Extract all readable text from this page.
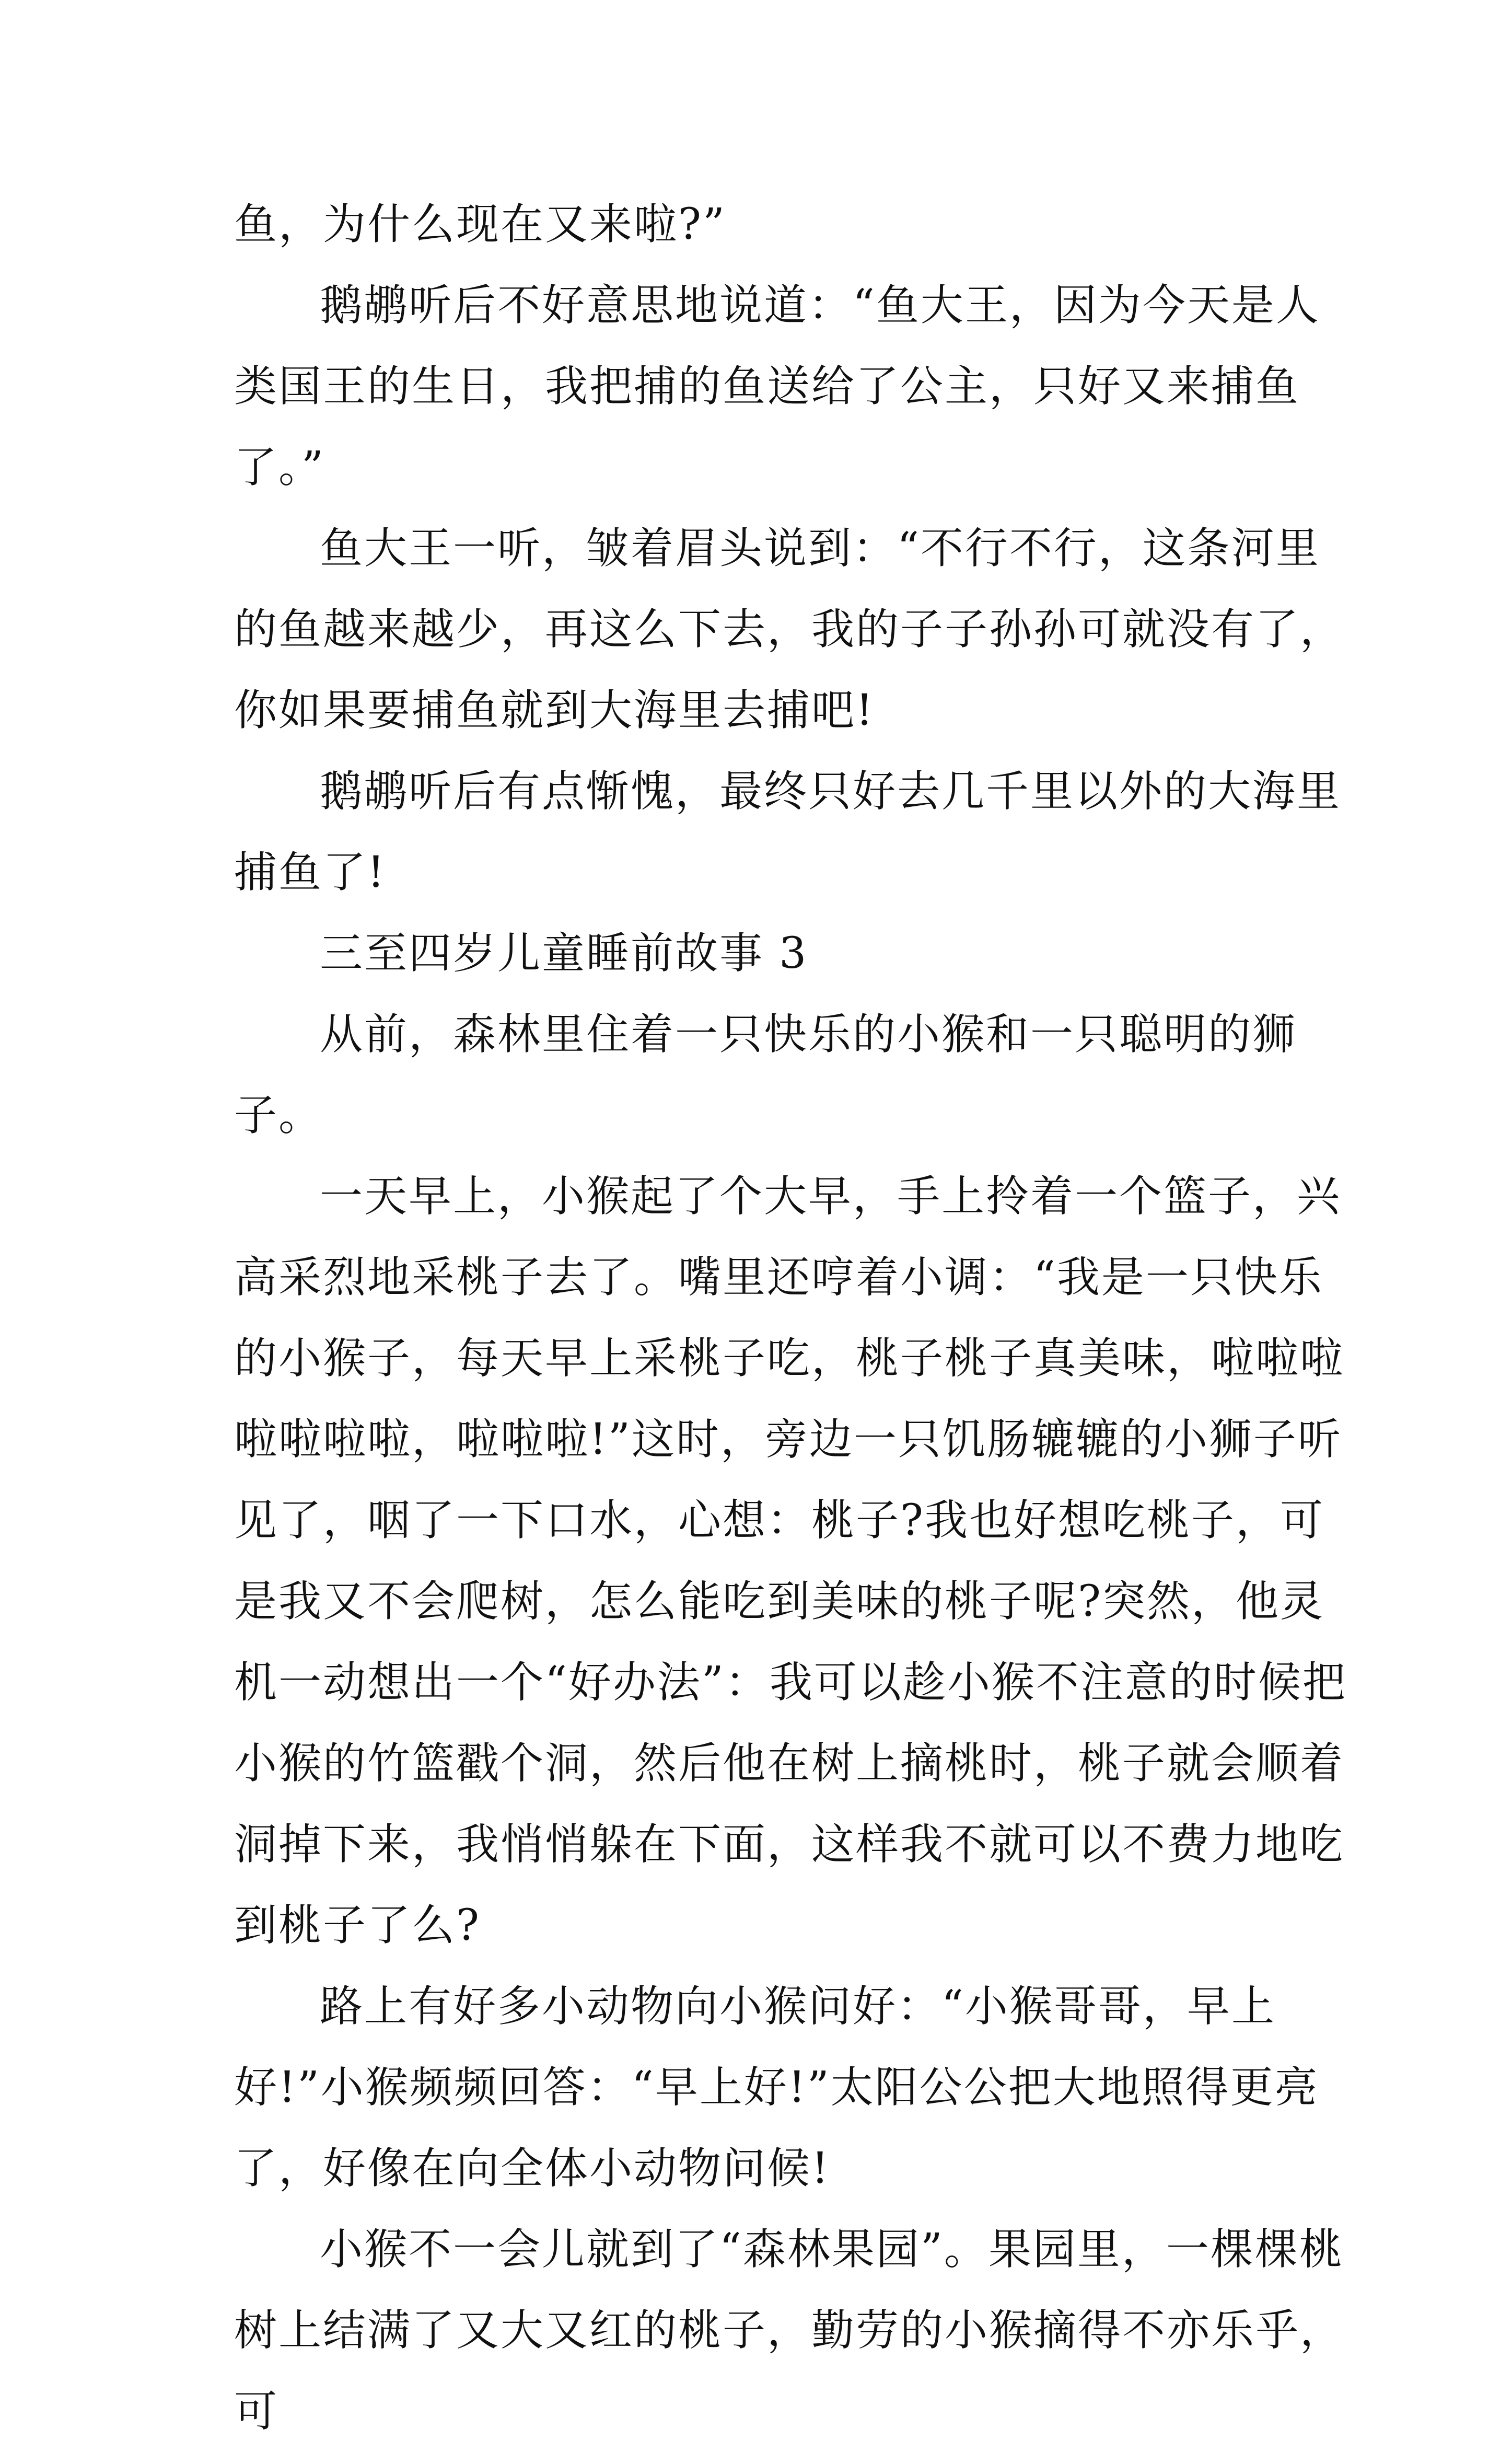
鱼，为什么现在又来啦?”

鹅鹕听后不好意思地说道：“鱼大王，因为今天是人类国王的生日，我把捕的鱼送给了公主，只好又来捕鱼了。”

鱼大王一听，皱着眉头说到：“不行不行，这条河里的鱼越来越少，再这么下去，我的子子孙孙可就没有了，你如果要捕鱼就到大海里去捕吧!

鹅鹕听后有点惭愧，最终只好去几千里以外的大海里捕鱼了!

三至四岁儿童睡前故事 3

从前，森林里住着一只快乐的小猴和一只聪明的狮子。

一天早上，小猴起了个大早，手上拎着一个篮子，兴高采烈地采桃子去了。嘴里还哼着小调：“我是一只快乐的小猴子，每天早上采桃子吃，桃子桃子真美味，啦啦啦啦啦啦啦，啦啦啦!”这时，旁边一只饥肠辘辘的小狮子听见了，咽了一下口水，心想：桃子?我也好想吃桃子，可是我又不会爬树，怎么能吃到美味的桃子呢?突然，他灵机一动想出一个“好办法”：我可以趁小猴不注意的时候把小猴的竹篮戳个洞，然后他在树上摘桃时，桃子就会顺着洞掉下来，我悄悄躲在下面，这样我不就可以不费力地吃到桃子了么?

路上有好多小动物向小猴问好：“小猴哥哥，早上好!”小猴频频回答：“早上好!”太阳公公把大地照得更亮了，好像在向全体小动物问候!

小猴不一会儿就到了“森林果园”。果园里，一棵棵桃树上结满了又大又红的桃子，勤劳的小猴摘得不亦乐乎，可
